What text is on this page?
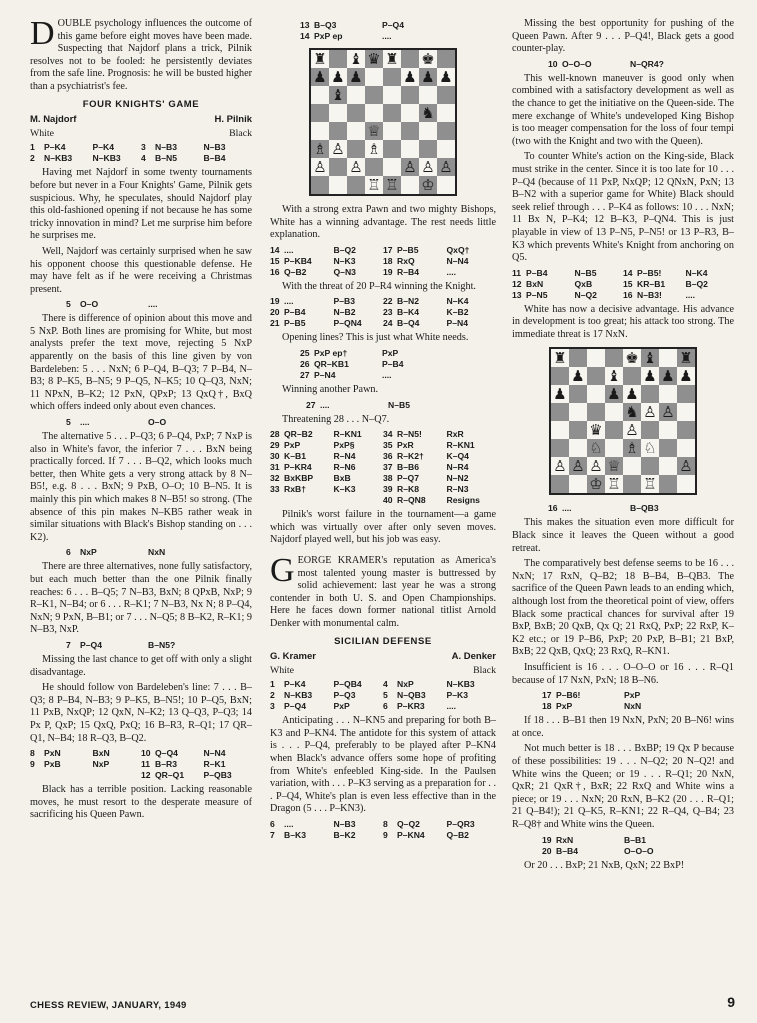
DOUBLE psychology influences the outcome of this game before eight moves have been made. Suspecting that Najdorf plans a trick, Pilnik resolves not to be fooled: he persistently deviates from the safe line. Prognosis: he will be busted higher than a psychiatrist's fee.

FOUR KNIGHTS' GAME
M. Najdorf	H. Pilnik
White	Black
1	P–K4	P–K4	3	N–B3	N–B3
2	N–KB3	N–KB3	4	B–N5	B–B4

Having met Najdorf in some twenty tournaments before but never in a Four Knights' Game, Pilnik gets suspicious. Why, he speculates, should Najdorf play this old-fashioned opening if not because he has some tricky innovation in mind? Let me surprise him before he surprises me.

Well, Najdorf was certainly surprised when he saw his opponent choose this questionable defense. He may have felt as if he were receiving a Christmas present.

5	O–O	....

There is difference of opinion about this move and 5 NxP. Both lines are promising for White, but most analysts prefer the text move, rejecting 5 NxP apparently on the basis of this line given by von Bardeleben: 5 . . . NxN; 6 P–Q4, B–Q3; 7 P–B4, N–B3; 8 P–K5, B–N5; 9 P–Q5, N–K5; 10 Q–Q3, NxN; 11 NPxN, B–K2; 12 PxN, QPxP; 13 QxQ†, BxQ which offers indeed only about even chances.

5	....	O–O

The alternative 5 . . . P–Q3; 6 P–Q4, PxP; 7 NxP is also in White's favor, the inferior 7 . . . BxN being practically forced. If 7 . . . B–Q2, which looks much better, then White gets a very strong attack by 8 N–B5!, e.g. 8 . . . BxN; 9 PxB, O–O; 10 B–N5. It is mainly this pin which makes 8 N–B5! so strong. (The absence of this pin makes N–KB5 rather weak in similar situations with Black's Bishop standing on . . . K2).

6	NxP	NxN

There are three alternatives, none fully satisfactory, but each much better than the one Pilnik finally reaches: 6 . . . B–Q5; 7 N–B3, BxN; 8 QPxB, NxP; 9 R–K1, N–B4; or 6 . . . R–K1; 7 N–B3, Nx N; 8 P–Q4, NxN; 9 PxN, B–B1; or 7 . . . N–Q5; 8 B–K2, R–K1; 9 N–B3, NxP.

7	P–Q4	B–N5?

Missing the last chance to get off with only a slight disadvantage.

He should follow von Bardeleben's line: 7 . . . B–Q3; 8 P–B4, N–B3; 9 P–K5, B–N5!; 10 P–Q5, BxN; 11 PxB, NxQP; 12 QxN, N–K2; 13 Q–Q3, P–Q3; 14 Px P, QxP; 15 QxQ, PxQ; 16 B–R3, R–Q1; 17 QR–Q1, N–B4; 18 R–Q3, B–Q2.

8	PxN	BxN	10 Q–Q4	N–N4
9	PxB	NxP	11 B–R3	R–K1
12 QR–Q1	P–QB3

Black has a terrible position. Lacking reasonable moves, he must resort to the desperate measure of sacrificing his Queen Pawn.

13 B–Q3	P–Q4
14 PxP ep	....
♜ ♝ ♛ ♜ ♚
♟ ♟ ♟	♟ ♟ ♟
♝
♞
♕
♗ ♙ ♗
♙ ♙	♙ ♙ ♙
♖ ♖ ♔

With a strong extra Pawn and two mighty Bishops, White has a winning advantage. The rest needs little explanation.

14 ....	B–Q2	17 P–B5	QxQ†
15 P–KB4	N–K3	18 RxQ	N–N4
16 Q–B2	Q–N3	19 R–B4	....

With the threat of 20 P–R4 winning the Knight.

19 ....	P–B3	22 B–N2	N–K4
20 P–B4	N–B2	23 B–K4	K–B2
21 P–B5	P–QN4	24 B–Q4	P–N4

Opening lines? This is just what White needs.

25 PxP ep†	PxP
26 QR–KB1	P–B4
27 P–N4	....

Winning another Pawn.

27 ....	N–B5

Threatening 28 . . . N–Q7.

28 QR–B2	R–KN1	34 R–N5!	RxR
29 PxP	PxP§	35 PxR	R–KN1
30 K–B1	R–N4	36 R–K2†	K–Q4
31 P–KR4	R–N6	37 B–B6	N–R4
32 BxKBP	BxB	38 P–Q7	N–N2
33 RxB†	K–K3	39 R–K8	R–N3
40 R–QN8	Resigns

Pilnik's worst failure in the tournament—a game which was virtually over after only seven moves. Najdorf played well, but his job was easy.

GEORGE KRAMER's reputation as America's most talented young master is buttressed by solid achievement: last year he was a strong contender in both U. S. and Open Championships. Here he faces down former national titlist Arnold Denker with monumental calm.

SICILIAN DEFENSE
G. Kramer	A. Denker
White	Black
1	P–K4	P–QB4	4	NxP	N–KB3
2	N–KB3	P–Q3	5	N–QB3	P–K3
3	P–Q4	PxP	6	P–KR3	....

Anticipating . . . N–KN5 and preparing for both B–K3 and P–KN4. The antidote for this system of attack is . . . P–Q4, preferably to be played after P–KN4 when Black's advance offers some hope of profiting from White's enfeebled King-side. In the Paulsen variation, with . . . P–K3 serving as a preparation for . . . P–Q4, White's plan is even less effective than in the Dragon (5 . . . P–KN3).

6	....	N–B3	8	Q–Q2	P–QR3
7	B–K3	B–K2	9	P–KN4	Q–B2

Missing the best opportunity for pushing of the Queen Pawn. After 9 . . . P–Q4!, Black gets a good counter-play.

10 O–O–O	N–QR4?

This well-known maneuver is good only when combined with a satisfactory development as well as the chance to get the initiative on the Queen-side. The mere exchange of White's undeveloped King Bishop is too meager compensation for the loss of four tempi (two with the Knight and two with the Queen).

To counter White's action on the King-side, Black must strike in the center. Since it is too late for 10 . . . P–Q4 (because of 11 PxP, NxQP; 12 QNxN, PxN; 13 B–N2 with a superior game for White) Black should seek relief through . . . P–K4 as follows: 10 . . . NxN; 11 Bx N, P–K4; 12 B–K3, P–QN4. This is just playable in view of 13 P–N5, P–N5! or 13 P–R3, B–K3 which prevents White's Knight from anchoring on Q5.

11 P–B4	N–B5	14 P–B5!	N–K4
12 BxN	QxB	15 KR–B1	B–Q2
13 P–N5	N–Q2	16 N–B3!	....

White has now a decisive advantage. His advance in development is too great; his attack too strong. The immediate threat is 17 NxN.

♜	♚ ♝ ♜
♟ ♝ ♟ ♟ ♟
♟	♟ ♟
♞ ♙ ♙
♛ ♙
♘ ♗ ♘
♙ ♙ ♙ ♕	♙
♔ ♖ ♖
16 ....	B–QB3

This makes the situation even more difficult for Black since it leaves the Queen without a good retreat.

The comparatively best defense seems to be 16 . . . NxN; 17 RxN, Q–B2; 18 B–B4, B–QB3. The sacrifice of the Queen Pawn leads to an ending which, although lost from the theoretical point of view, offers Black some practical chances for survival after 19 BxP, BxB; 20 QxB, Qx Q; 21 RxQ, PxP; 22 RxP, K–K2 etc.; or 19 P–B6, PxP; 20 PxP, B–B1; 21 BxP, BxB; 22 QxB, QxQ; 23 RxQ, R–KN1.

Insufficient is 16 . . . O–O–O or 16 . . . R–Q1 because of 17 NxN, PxN; 18 B–N6.

17 P–B6!	PxP
18 PxP	NxN

If 18 . . . B–B1 then 19 NxN, PxN; 20 B–N6! wins at once.

Not much better is 18 . . . BxBP; 19 Qx P because of these possibilities: 19 . . . N–Q2; 20 N–Q2! and White wins the Queen; or 19 . . . R–Q1; 20 NxN, QxR; 21 QxR†, BxR; 22 RxQ and White wins a piece; or 19 . . . NxN; 20 RxN, B–K2 (20 . . . R–Q1; 21 Q–B4!); 21 Q–K5, R–KN1; 22 R–Q4, Q–B4; 23 R–Q8† and White wins the Queen.

19 RxN	B–B1
20 B–B4	O–O–O

Or 20 . . . BxP; 21 NxB, QxN; 22 BxP!

CHESS REVIEW, JANUARY, 1949	9
